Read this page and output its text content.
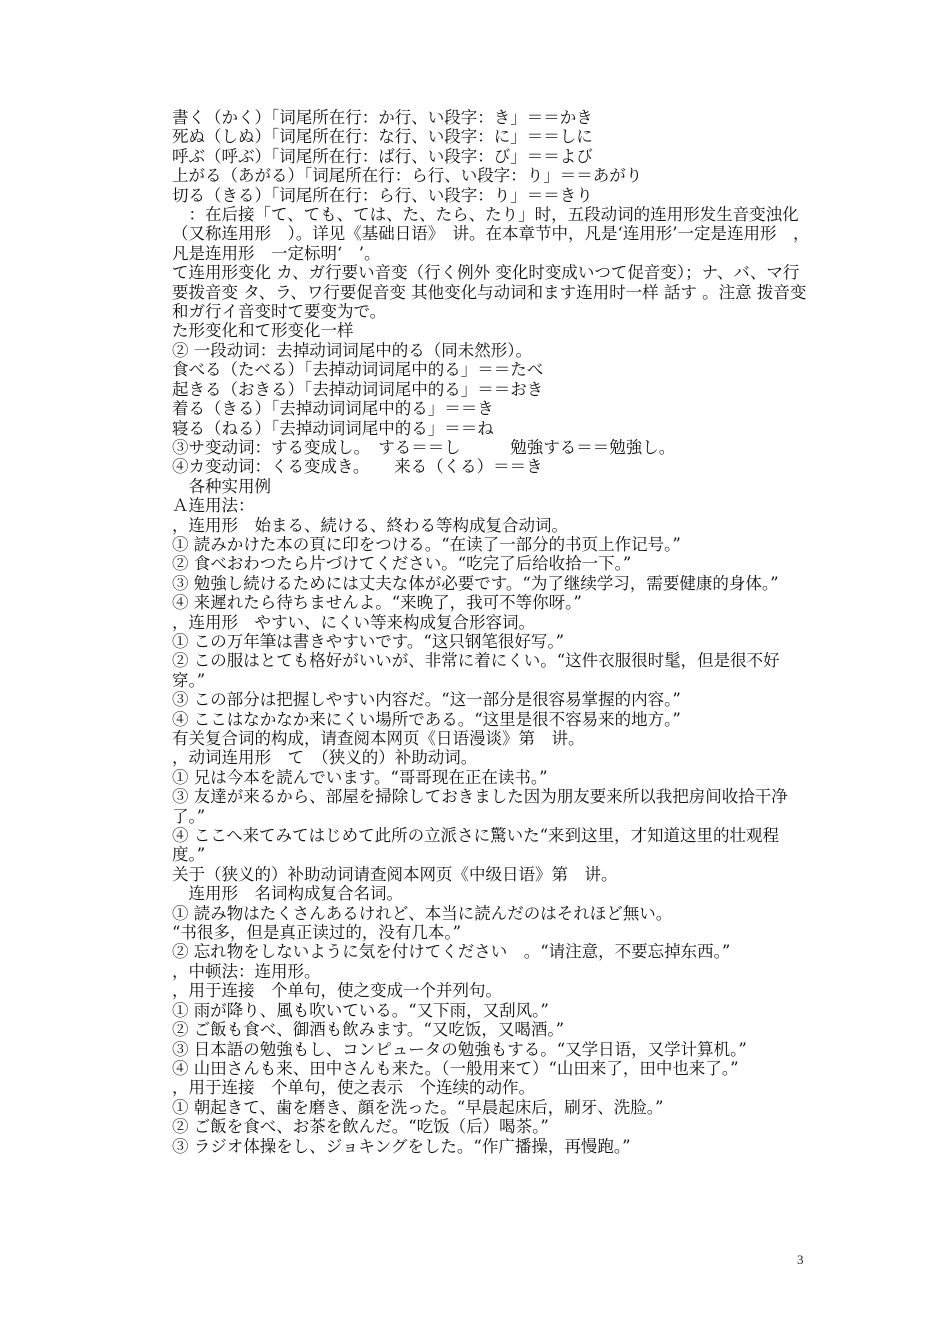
書く（かく）「词尾所在行：か行、い段字：き」＝＝かき

死ぬ（しぬ）「词尾所在行：な行、い段字：に」＝＝しに

呼ぶ（呼ぶ）「词尾所在行：ば行、い段字：び」＝＝よび

上がる（あがる）「词尾所在行：ら行、い段字：り」＝＝あがり

切る（きる）「词尾所在行：ら行、い段字：り」＝＝きり

　：在后接「て、ても、ては、た、たら、たり」时，五段动词的连用形发生音变浊化（又称连用形　）。详见《基础日语》　讲。在本章节中，凡是‘连用形’一定是连用形　，凡是连用形　一定标明‘　’。

て连用形变化 カ、ガ行要い音变（行く例外 变化时变成いつて促音变）；ナ、バ、マ行要拨音变 タ、ラ、ワ行要促音变 其他变化与动词和ます连用时一样 話す 。注意 拨音变和ガ行イ音变时て要变为で。

た形变化和て形变化一样

② 一段动词：去掉动词词尾中的る（同未然形）。

食べる（たべる）「去掉动词词尾中的る」＝＝たべ

起きる（おきる）「去掉动词词尾中的る」＝＝おき

着る（きる）「去掉动词词尾中的る」＝＝き

寝る（ねる）「去掉动词词尾中的る」＝＝ね

③サ变动词：する变成し。　する＝＝し　　　勉強する＝＝勉強し。

④カ变动词：くる变成き。　　来る（くる）＝＝き

　各种实用例

Ａ连用法：

，连用形　始まる、続ける、終わる等构成复合动词。

① 読みかけた本の頁に印をつける。“在读了一部分的书页上作记号。”

② 食べおわつたら片づけてください。“吃完了后给收拾一下。”

③ 勉強し続けるためには丈夫な体が必要です。“为了继续学习，需要健康的身体。”

④ 来遲れたら待ちませんよ。“来晚了，我可不等你呀。”

，连用形　やすい、にくい等来构成复合形容词。

① この万年筆は書きやすいです。“这只钢笔很好写。”

② この服はとても格好がいいが、非常に着にくい。“这件衣服很时髦，但是很不好穿。”

③ この部分は把握しやすい内容だ。“这一部分是很容易掌握的内容。”

④ ここはなかなか来にくい場所である。“这里是很不容易来的地方。”

有关复合词的构成，请查阅本网页《日语漫谈》第　讲。

，动词连用形　て　（狭义的）补助动词。

① 兄は今本を読んでいます。“哥哥现在正在读书。”

③ 友達が来るから、部屋を掃除しておきました因为朋友要来所以我把房间收拾干净了。”

④ ここへ来てみてはじめて此所の立派さに驚いた“来到这里，才知道这里的壮观程度。”

关于（狭义的）补助动词请查阅本网页《中级日语》第　讲。

　连用形　名词构成复合名词。

① 読み物はたくさんあるけれど、本当に読んだのはそれほど無い。

“书很多，但是真正读过的，没有几本。”

② 忘れ物をしないように気を付けてください　。“请注意，不要忘掉东西。”

，中顿法：连用形。

，用于连接　个单句，使之变成一个并列句。

① 雨が降り、風も吹いている。“又下雨，又刮风。”

② ご飯も食べ、御酒も飲みます。“又吃饭，又喝酒。”

③ 日本語の勉強もし、コンピュータの勉強もする。“又学日语，又学计算机。”

④ 山田さんも来、田中さんも来た。（一般用来て）“山田来了，田中也来了。”

，用于连接　个单句，使之表示　个连续的动作。

① 朝起きて、歯を磨き、顔を洗った。“早晨起床后，刷牙、洗脸。”

② ご飯を食べ、お茶を飲んだ。“吃饭（后）喝茶。”

③ ラジオ体操をし、ジョキングをした。“作广播操，再慢跑。”

3
